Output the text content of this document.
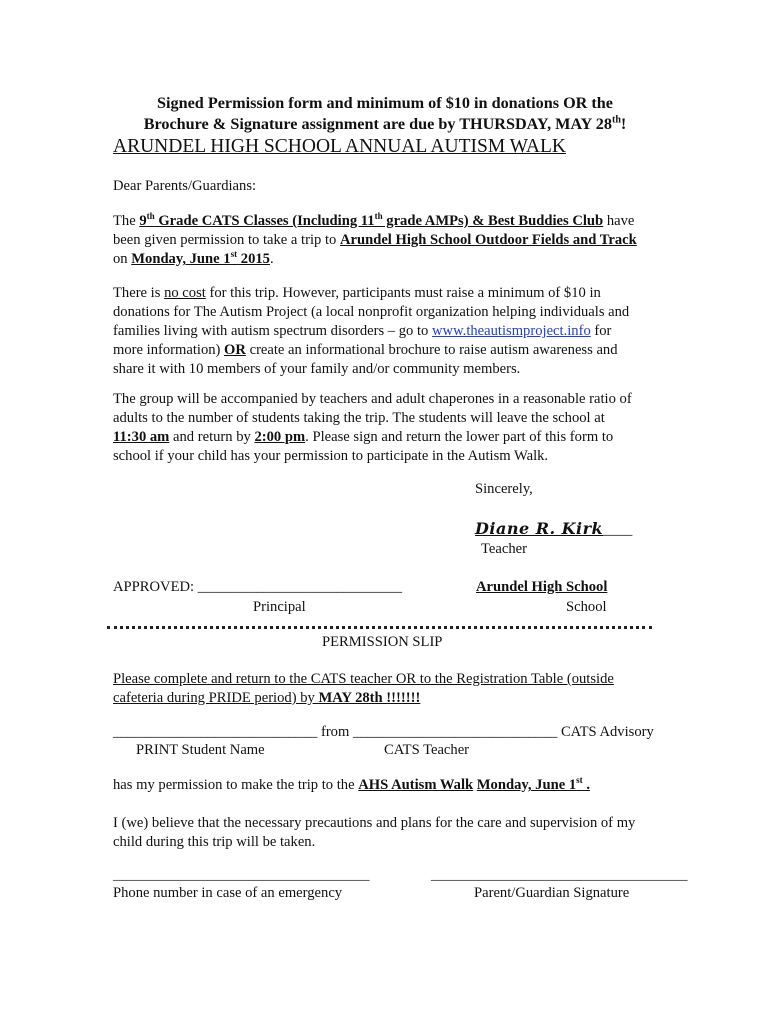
Signed Permission form and minimum of $10 in donations OR the
Brochure & Signature assignment are due by THURSDAY, MAY 28th!
ARUNDEL HIGH SCHOOL ANNUAL AUTISM WALK
Dear Parents/Guardians:
The 9th Grade CATS Classes (Including 11th grade AMPs) & Best Buddies Club have
been given permission to take a trip to Arundel High School Outdoor Fields and Track
on Monday, June 1st 2015.
There is no cost for this trip. However, participants must raise a minimum of $10 in
donations for The Autism Project (a local nonprofit organization helping individuals and
families living with autism spectrum disorders – go to www.theautismproject.info for
more information) OR create an informational brochure to raise autism awareness and
share it with 10 members of your family and/or community members.
The group will be accompanied by teachers and adult chaperones in a reasonable ratio of
adults to the number of students taking the trip. The students will leave the school at
11:30 am and return by 2:00 pm. Please sign and return the lower part of this form to
school if your child has your permission to participate in the Autism Walk.
Sincerely,
Diane R. Kirk____
Teacher
APPROVED: ____________________________	Arundel High School
Principal	School
PERMISSION SLIP
Please complete and return to the CATS teacher OR to the Registration Table (outside
cafeteria during PRIDE period) by MAY 28th !!!!!!!
____________________________ from ____________________________ CATS Advisory
PRINT Student Name	CATS Teacher
has my permission to make the trip to the AHS Autism Walk Monday, June 1st .
I (we) believe that the necessary precautions and plans for the care and supervision of my
child during this trip will be taken.
______________________________________	______________________________________
Phone number in case of an emergency	Parent/Guardian Signature
